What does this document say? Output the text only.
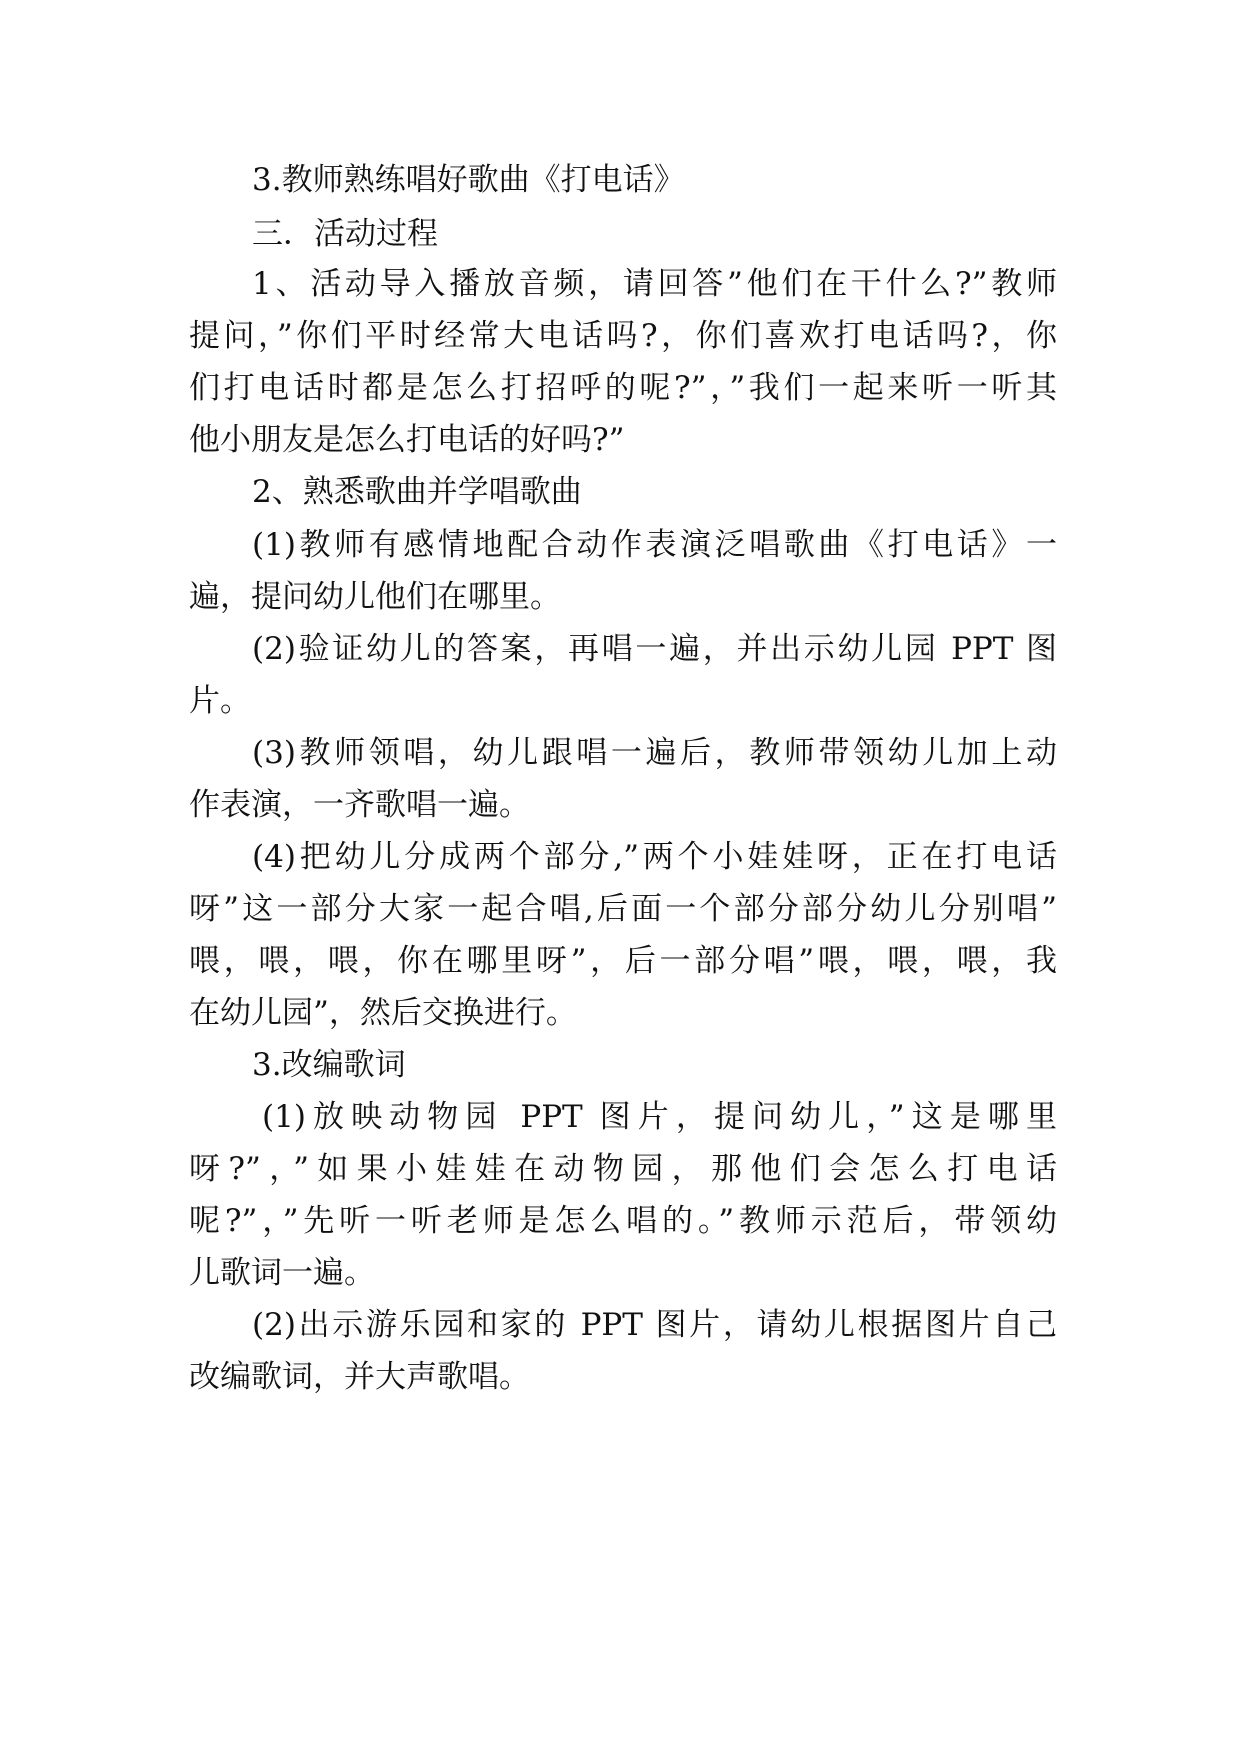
3.教师熟练唱好歌曲《打电话》
三．活动过程
1、活动导入播放音频，请回答”他们在干什么?”教师
提问，”你们平时经常大电话吗?，你们喜欢打电话吗?，你
们打电话时都是怎么打招呼的呢?”，”我们一起来听一听其
他小朋友是怎么打电话的好吗?”
2、熟悉歌曲并学唱歌曲
(1)教师有感情地配合动作表演泛唱歌曲《打电话》一
遍，提问幼儿他们在哪里。
(2)验证幼儿的答案，再唱一遍，并出示幼儿园 PPT 图
片。
(3)教师领唱，幼儿跟唱一遍后，教师带领幼儿加上动
作表演，一齐歌唱一遍。
(4)把幼儿分成两个部分,”两个小娃娃呀，正在打电话
呀”这一部分大家一起合唱,后面一个部分部分幼儿分别唱”
喂，喂，喂，你在哪里呀”，后一部分唱”喂，喂，喂，我
在幼儿园”，然后交换进行。
3.改编歌词
(1)放映动物园 PPT 图片，提问幼儿，”这是哪里
呀?”，”如果小娃娃在动物园，那他们会怎么打电话
呢?”，”先听一听老师是怎么唱的。”教师示范后，带领幼
儿歌词一遍。
(2)出示游乐园和家的 PPT 图片，请幼儿根据图片自己
改编歌词，并大声歌唱。
